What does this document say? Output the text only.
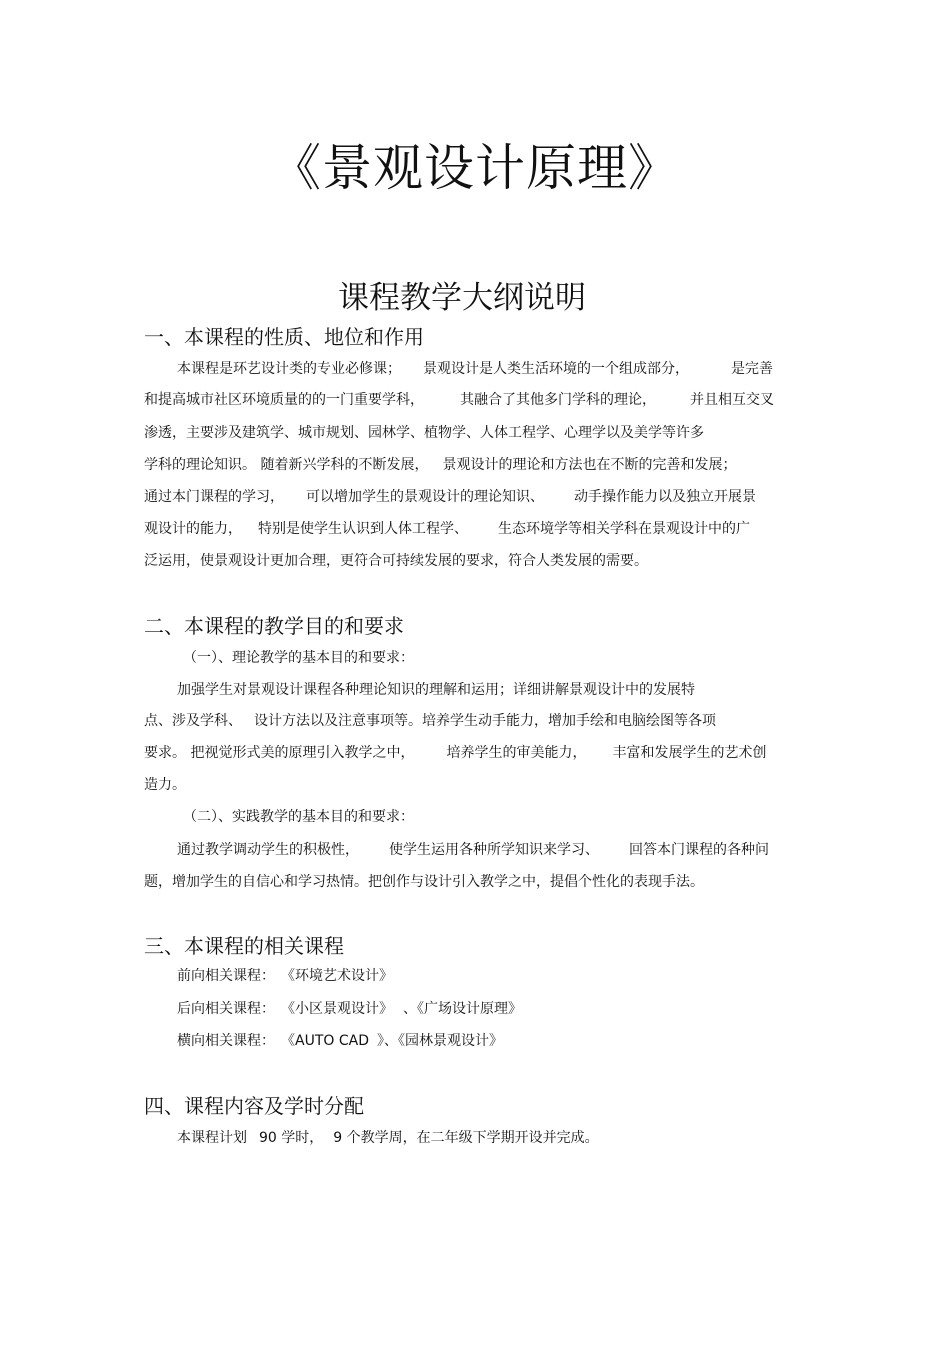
《景观设计原理》
课程教学大纲说明
一、本课程的性质、地位和作用
本课程是环艺设计类的专业必修课； 景观设计是人类生活环境的一个组成部分，	是完善
和提高城市社区环境质量的的一门重要学科，	其融合了其他多门学科的理论， 并且相互交叉
渗透，主要涉及建筑学、城市规划、园林学、植物学、人体工程学、心理学以及美学等许多
学科的理论知识。 随着新兴学科的不断发展， 景观设计的理论和方法也在不断的完善和发展；
通过本门课程的学习， 可以增加学生的景观设计的理论知识、 动手操作能力以及独立开展景
观设计的能力， 特别是使学生认识到人体工程学、 生态环境学等相关学科在景观设计中的广
泛运用，使景观设计更加合理，更符合可持续发展的要求，符合人类发展的需要。
二、本课程的教学目的和要求
（一）、理论教学的基本目的和要求：
加强学生对景观设计课程各种理论知识的理解和运用；详细讲解景观设计中的发展特
点、涉及学科、 设计方法以及注意事项等。培养学生动手能力，增加手绘和电脑绘图等各项
要求。 把视觉形式美的原理引入教学之中， 培养学生的审美能力， 丰富和发展学生的艺术创
造力。
（二）、实践教学的基本目的和要求：
通过教学调动学生的积极性， 使学生运用各种所学知识来学习、 回答本门课程的各种问
题，增加学生的自信心和学习热情。把创作与设计引入教学之中，提倡个性化的表现手法。
三、本课程的相关课程
前向相关课程： 《环境艺术设计》
后向相关课程： 《小区景观设计》 、《广场设计原理》
横向相关课程： 《AUTO CAD 》、《园林景观设计》
四、课程内容及学时分配
本课程计划 90 学时， 9 个教学周，在二年级下学期开设并完成。
